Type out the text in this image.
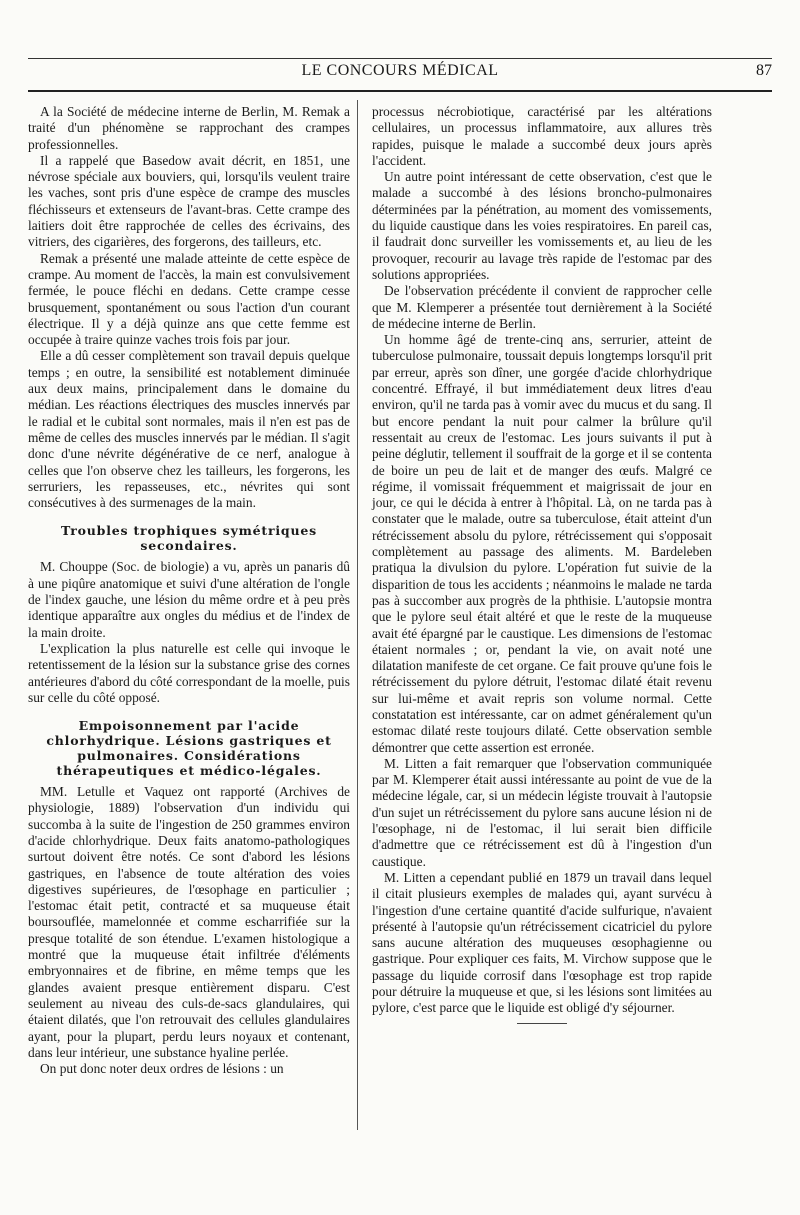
LE CONCOURS MÉDICAL	87

A la Société de médecine interne de Berlin, M. Remak a traité d'un phénomène se rapprochant des crampes professionnelles.

Il a rappelé que Basedow avait décrit, en 1851, une névrose spéciale aux bouviers, qui, lorsqu'ils veulent traire les vaches, sont pris d'une espèce de crampe des muscles fléchisseurs et extenseurs de l'avant-bras. Cette crampe des laitiers doit être rapprochée de celles des écrivains, des vitriers, des cigarières, des forgerons, des tailleurs, etc.

Remak a présenté une malade atteinte de cette espèce de crampe. Au moment de l'accès, la main est convulsivement fermée, le pouce fléchi en dedans. Cette crampe cesse brusquement, spontanément ou sous l'action d'un courant électrique. Il y a déjà quinze ans que cette femme est occupée à traire quinze vaches trois fois par jour.

Elle a dû cesser complètement son travail depuis quelque temps ; en outre, la sensibilité est notablement diminuée aux deux mains, principalement dans le domaine du médian. Les réactions électriques des muscles innervés par le radial et le cubital sont normales, mais il n'en est pas de même de celles des muscles innervés par le médian. Il s'agit donc d'une névrite dégénérative de ce nerf, analogue à celles que l'on observe chez les tailleurs, les forgerons, les serruriers, les repasseuses, etc., névrites qui sont consécutives à des surmenages de la main.

Troubles trophiques symétriques secondaires.

M. Chouppe (Soc. de biologie) a vu, après un panaris dû à une piqûre anatomique et suivi d'une altération de l'ongle de l'index gauche, une lésion du même ordre et à peu près identique apparaître aux ongles du médius et de l'index de la main droite.

L'explication la plus naturelle est celle qui invoque le retentissement de la lésion sur la substance grise des cornes antérieures d'abord du côté correspondant de la moelle, puis sur celle du côté opposé.

Empoisonnement par l'acide chlorhydrique. Lésions gastriques et pulmonaires. Considérations thérapeutiques et médico-légales.

MM. Letulle et Vaquez ont rapporté (Archives de physiologie, 1889) l'observation d'un individu qui succomba à la suite de l'ingestion de 250 grammes environ d'acide chlorhydrique. Deux faits anatomo-pathologiques surtout doivent être notés. Ce sont d'abord les lésions gastriques, en l'absence de toute altération des voies digestives supérieures, de l'œsophage en particulier ; l'estomac était petit, contracté et sa muqueuse était boursouflée, mamelonnée et comme escharrifiée sur la presque totalité de son étendue. L'examen histologique a montré que la muqueuse était infiltrée d'éléments embryonnaires et de fibrine, en même temps que les glandes avaient presque entièrement disparu. C'est seulement au niveau des culs-de-sacs glandulaires, qui étaient dilatés, que l'on retrouvait des cellules glandulaires ayant, pour la plupart, perdu leurs noyaux et contenant, dans leur intérieur, une substance hyaline perlée.

On put donc noter deux ordres de lésions : un

processus nécrobiotique, caractérisé par les altérations cellulaires, un processus inflammatoire, aux allures très rapides, puisque le malade a succombé deux jours après l'accident.

Un autre point intéressant de cette observation, c'est que le malade a succombé à des lésions broncho-pulmonaires déterminées par la pénétration, au moment des vomissements, du liquide caustique dans les voies respiratoires. En pareil cas, il faudrait donc surveiller les vomissements et, au lieu de les provoquer, recourir au lavage très rapide de l'estomac par des solutions appropriées.

De l'observation précédente il convient de rapprocher celle que M. Klemperer a présentée tout dernièrement à la Société de médecine interne de Berlin.

Un homme âgé de trente-cinq ans, serrurier, atteint de tuberculose pulmonaire, toussait depuis longtemps lorsqu'il prit par erreur, après son dîner, une gorgée d'acide chlorhydrique concentré. Effrayé, il but immédiatement deux litres d'eau environ, qu'il ne tarda pas à vomir avec du mucus et du sang. Il but encore pendant la nuit pour calmer la brûlure qu'il ressentait au creux de l'estomac. Les jours suivants il put à peine déglutir, tellement il souffrait de la gorge et il se contenta de boire un peu de lait et de manger des œufs. Malgré ce régime, il vomissait fréquemment et maigrissait de jour en jour, ce qui le décida à entrer à l'hôpital. Là, on ne tarda pas à constater que le malade, outre sa tuberculose, était atteint d'un rétrécissement absolu du pylore, rétrécissement qui s'opposait complètement au passage des aliments. M. Bardeleben pratiqua la divulsion du pylore. L'opération fut suivie de la disparition de tous les accidents ; néanmoins le malade ne tarda pas à succomber aux progrès de la phthisie. L'autopsie montra que le pylore seul était altéré et que le reste de la muqueuse avait été épargné par le caustique. Les dimensions de l'estomac étaient normales ; or, pendant la vie, on avait noté une dilatation manifeste de cet organe. Ce fait prouve qu'une fois le rétrécissement du pylore détruit, l'estomac dilaté était revenu sur lui-même et avait repris son volume normal. Cette constatation est intéressante, car on admet généralement qu'un estomac dilaté reste toujours dilaté. Cette observation semble démontrer que cette assertion est erronée.

M. Litten a fait remarquer que l'observation communiquée par M. Klemperer était aussi intéressante au point de vue de la médecine légale, car, si un médecin légiste trouvait à l'autopsie d'un sujet un rétrécissement du pylore sans aucune lésion ni de l'œsophage, ni de l'estomac, il lui serait bien difficile d'admettre que ce rétrécissement est dû à l'ingestion d'un caustique.

M. Litten a cependant publié en 1879 un travail dans lequel il citait plusieurs exemples de malades qui, ayant survécu à l'ingestion d'une certaine quantité d'acide sulfurique, n'avaient présenté à l'autopsie qu'un rétrécissement cicatriciel du pylore sans aucune altération des muqueuses œsophagienne ou gastrique. Pour expliquer ces faits, M. Virchow suppose que le passage du liquide corrosif dans l'œsophage est trop rapide pour détruire la muqueuse et que, si les lésions sont limitées au pylore, c'est parce que le liquide est obligé d'y séjourner.
